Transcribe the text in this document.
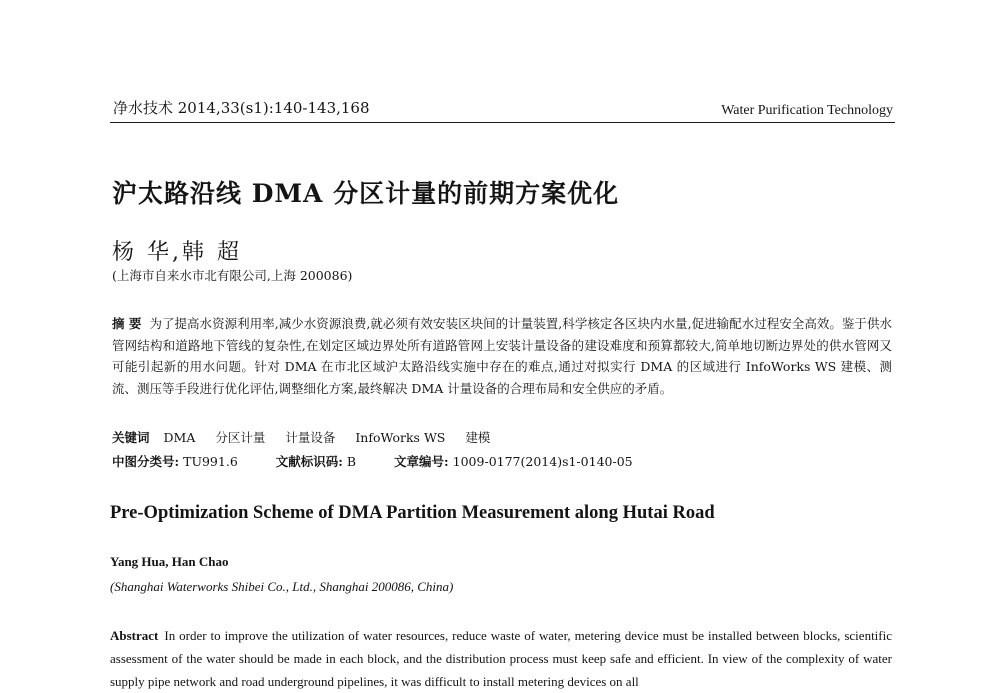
净水技术 2014,33(s1):140-143,168	Water Purification Technology
沪太路沿线 DMA 分区计量的前期方案优化
杨 华,韩 超
(上海市自来水市北有限公司,上海 200086)
摘 要 为了提高水资源利用率,减少水资源浪费,就必须有效安装区块间的计量装置,科学核定各区块内水量,促进输配水过程安全高效。鉴于供水管网结构和道路地下管线的复杂性,在划定区域边界处所有道路管网上安装计量设备的建设难度和预算都较大,简单地切断边界处的供水管网又可能引起新的用水问题。针对 DMA 在市北区域沪太路沿线实施中存在的难点,通过对拟实行 DMA 的区域进行 InfoWorks WS 建模、测流、测压等手段进行优化评估,调整细化方案,最终解决 DMA 计量设备的合理布局和安全供应的矛盾。
关键词 DMA 分区计量 计量设备 InfoWorks WS 建模
中图分类号: TU991.6	文献标识码: B	文章编号: 1009-0177(2014)s1-0140-05
Pre-Optimization Scheme of DMA Partition Measurement along Hutai Road
Yang Hua, Han Chao
(Shanghai Waterworks Shibei Co., Ltd., Shanghai 200086, China)
Abstract In order to improve the utilization of water resources, reduce waste of water, metering device must be installed between blocks, scientific assessment of the water should be made in each block, and the distribution process must keep safe and efficient. In view of the complexity of water supply pipe network and road underground pipelines, it was difficult to install metering devices on all
